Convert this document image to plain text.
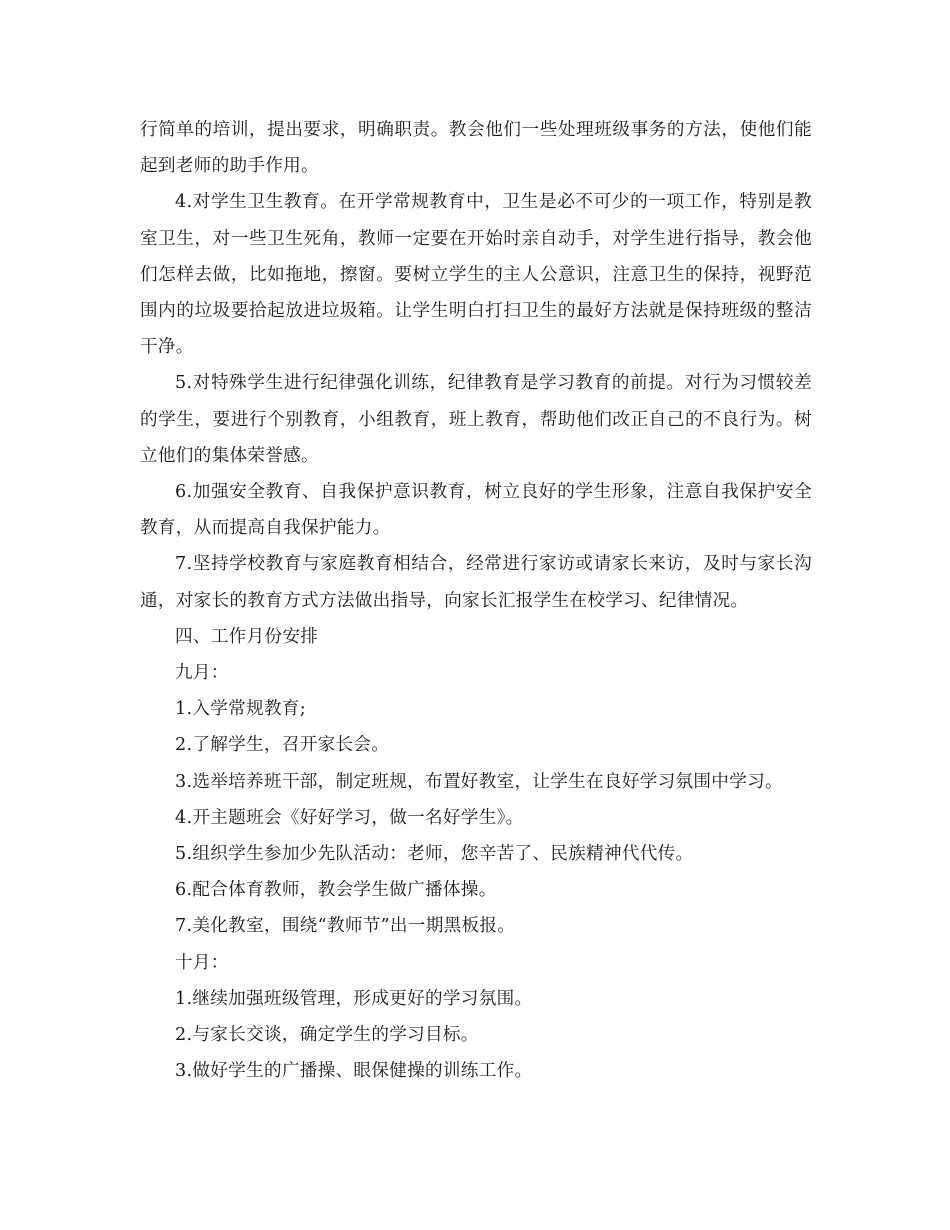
行简单的培训，提出要求，明确职责。教会他们一些处理班级事务的方法，使他们能起到老师的助手作用。

4.对学生卫生教育。在开学常规教育中，卫生是必不可少的一项工作，特别是教室卫生，对一些卫生死角，教师一定要在开始时亲自动手，对学生进行指导，教会他们怎样去做，比如拖地，擦窗。要树立学生的主人公意识，注意卫生的保持，视野范围内的垃圾要拾起放进垃圾箱。让学生明白打扫卫生的最好方法就是保持班级的整洁干净。

5.对特殊学生进行纪律强化训练，纪律教育是学习教育的前提。对行为习惯较差的学生，要进行个别教育，小组教育，班上教育，帮助他们改正自己的不良行为。树立他们的集体荣誉感。

6.加强安全教育、自我保护意识教育，树立良好的学生形象，注意自我保护安全教育，从而提高自我保护能力。

7.坚持学校教育与家庭教育相结合，经常进行家访或请家长来访，及时与家长沟通，对家长的教育方式方法做出指导，向家长汇报学生在校学习、纪律情况。

四、工作月份安排

九月：

1.入学常规教育;

2.了解学生，召开家长会。

3.选举培养班干部，制定班规，布置好教室，让学生在良好学习氛围中学习。

4.开主题班会《好好学习，做一名好学生》。

5.组织学生参加少先队活动：老师，您辛苦了、民族精神代代传。

6.配合体育教师，教会学生做广播体操。

7.美化教室，围绕“教师节”出一期黑板报。

十月：

1.继续加强班级管理，形成更好的学习氛围。

2.与家长交谈，确定学生的学习目标。

3.做好学生的广播操、眼保健操的训练工作。
